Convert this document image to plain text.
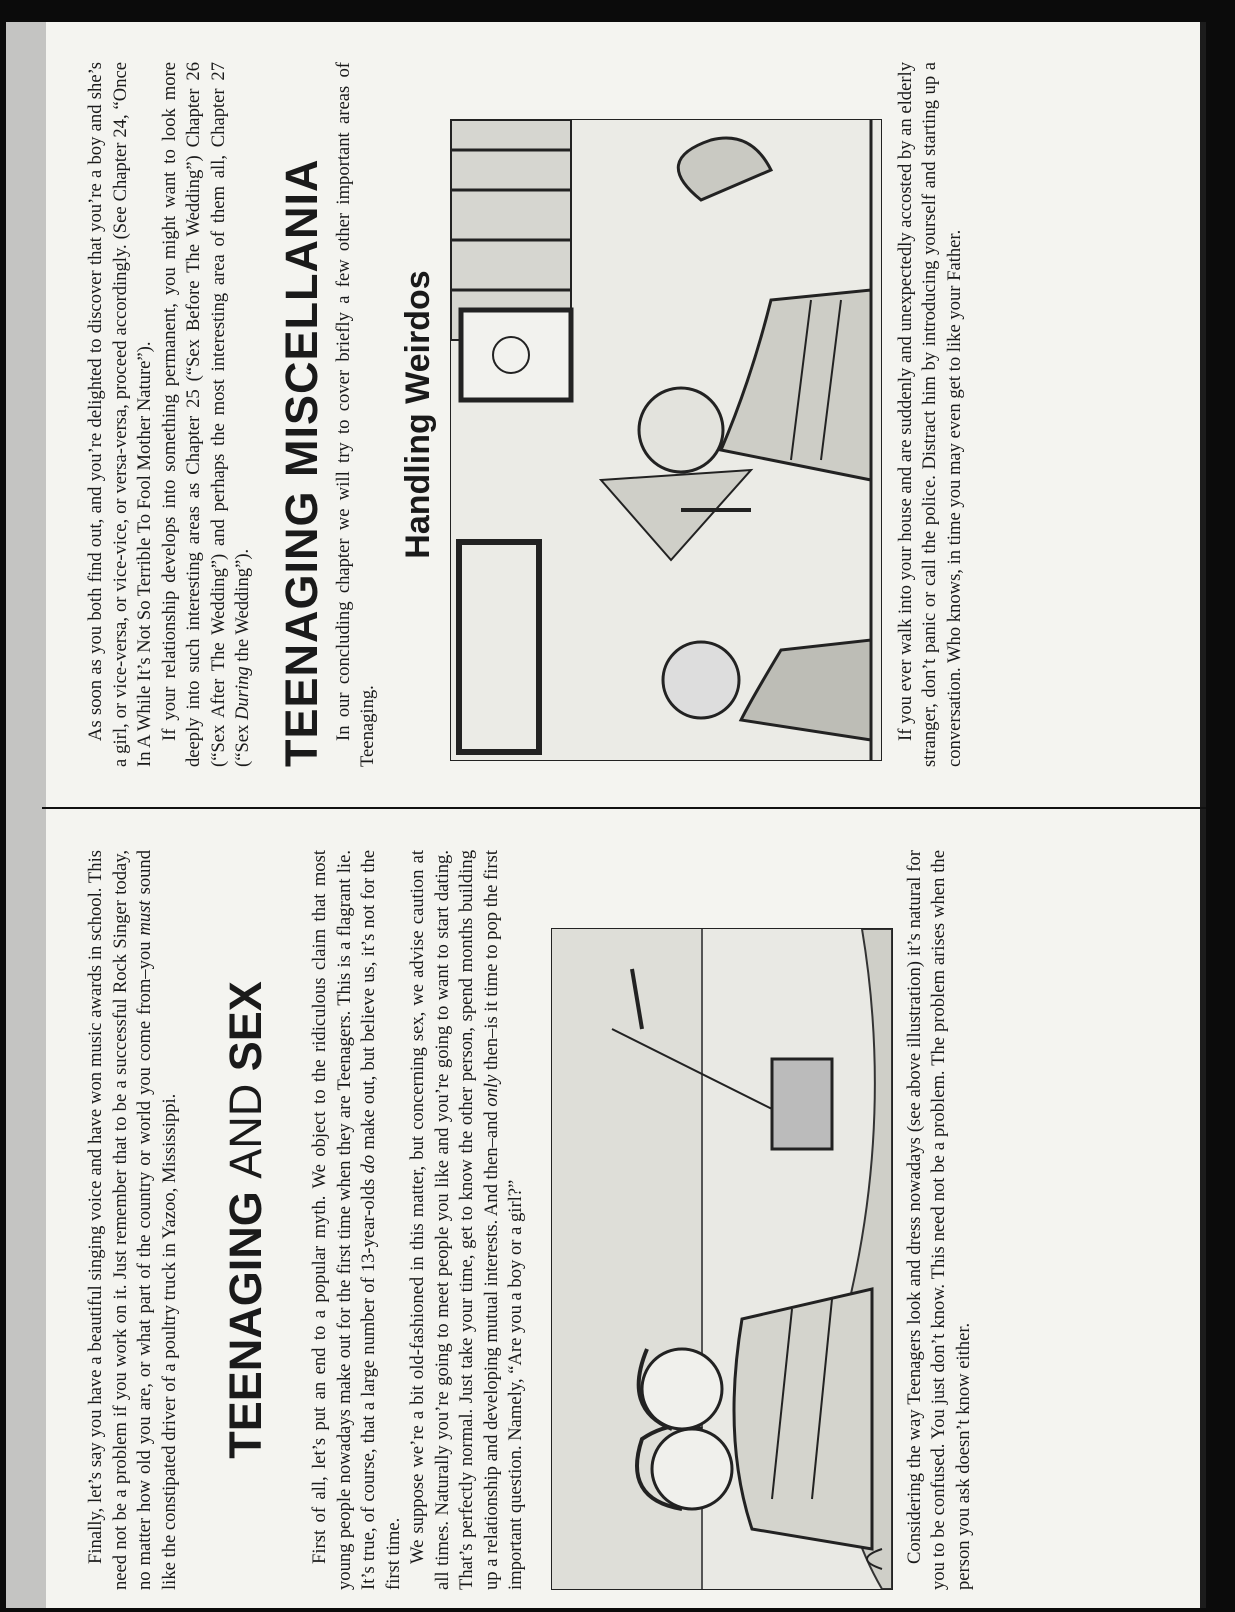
As soon as you both find out, and you’re delighted to discover that you’re a boy and she’s a girl, or vice-versa, or vice-vice, or versa-versa, proceed accordingly. (See Chapter 24, “Once In A While It’s Not So Terrible To Fool Mother Nature”). If your relationship develops into something permanent, you might want to look more deeply into such interesting areas as Chapter 25 (“Sex Before The Wedding”) Chapter 26 (“Sex After The Wedding”) and perhaps the most interesting area of them all, Chapter 27 (“Sex During the Wedding”). TEENAGING MISCELLANIA In our concluding chapter we will try to cover briefly a few other important areas of Teenaging.

Handling Weirdos	If you ever walk into your house and are suddenly and unexpectedly accosted by an elderly stranger, don’t panic or call the police. Distract him by introducing yourself and starting up a conversation. Who knows, in time you may even get to like your Father.

Finally, let’s say you have a beautiful singing voice and have won music awards in school. This need not be a problem if you work on it. Just remember that to be a successful Rock Singer today, no matter how old you are, or what part of the country or world you come from–you must sound like the constipated driver of a poultry truck in Yazoo, Mississippi. TEENAGING AND SEX First of all, let’s put an end to a popular myth. We object to the ridiculous claim that most young people nowadays make out for the first time when they are Teenagers. This is a flagrant lie. It’s true, of course, that a large number of 13-year-olds do make out, but believe us, it’s not for the first time. We suppose we’re a bit old-fashioned in this matter, but concerning sex, we advise caution at all times. Naturally you’re going to meet people you like and you’re going to want to start dating. That’s perfectly normal. Just take your time, get to know the other person, spend months building up a relationship and developing mutual interests. And then–and only then–is it time to pop the first important question. Namely, “Are you a boy or a girl?”	Considering the way Teenagers look and dress nowadays (see above illustration) it’s natural for you to be confused. You just don’t know. This need not be a problem. The problem arises when the person you ask doesn’t know either.
